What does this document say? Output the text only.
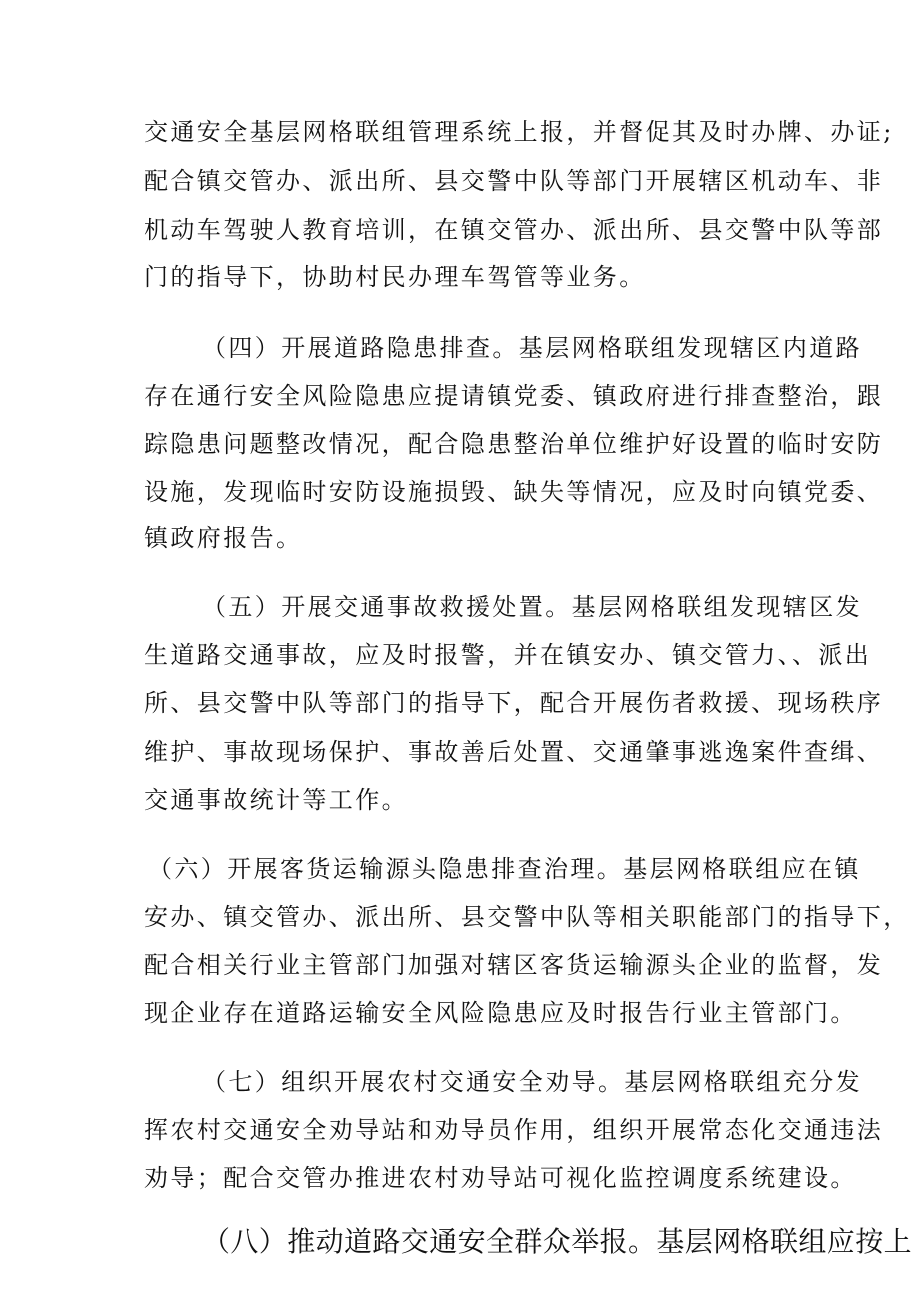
交通安全基层网格联组管理系统上报，并督促其及时办牌、办证;
配合镇交管办、派出所、县交警中队等部门开展辖区机动车、非
机动车驾驶人教育培训，在镇交管办、派出所、县交警中队等部
门的指导下，协助村民办理车驾管等业务。
（四）开展道路隐患排查。基层网格联组发现辖区内道路
存在通行安全风险隐患应提请镇党委、镇政府进行排查整治，跟
踪隐患问题整改情况，配合隐患整治单位维护好设置的临时安防
设施，发现临时安防设施损毁、缺失等情况，应及时向镇党委、
镇政府报告。
（五）开展交通事故救援处置。基层网格联组发现辖区发
生道路交通事故，应及时报警，并在镇安办、镇交管力、、派出
所、县交警中队等部门的指导下，配合开展伤者救援、现场秩序
维护、事故现场保护、事故善后处置、交通肇事逃逸案件查缉、
交通事故统计等工作。
（六）开展客货运输源头隐患排查治理。基层网格联组应在镇
安办、镇交管办、派出所、县交警中队等相关职能部门的指导下，
配合相关行业主管部门加强对辖区客货运输源头企业的监督，发
现企业存在道路运输安全风险隐患应及时报告行业主管部门。
（七）组织开展农村交通安全劝导。基层网格联组充分发
挥农村交通安全劝导站和劝导员作用，组织开展常态化交通违法
劝导；配合交管办推进农村劝导站可视化监控调度系统建设。
（八）推动道路交通安全群众举报。基层网格联组应按上
